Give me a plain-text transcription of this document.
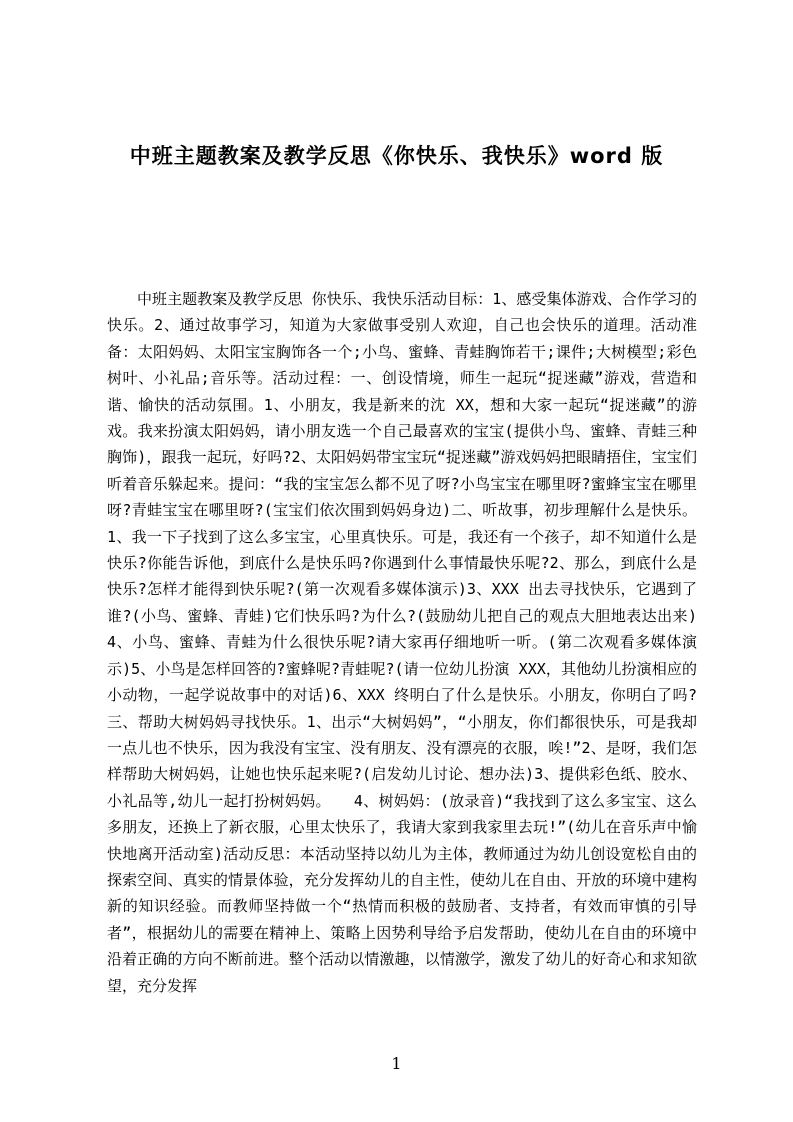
中班主题教案及教学反思《你快乐、我快乐》word 版
中班主题教案及教学反思 你快乐、我快乐活动目标：1、感受集体游戏、合作学习的快乐。2、通过故事学习，知道为大家做事受别人欢迎，自己也会快乐的道理。活动准备：太阳妈妈、太阳宝宝胸饰各一个;小鸟、蜜蜂、青蛙胸饰若干;课件;大树模型;彩色树叶、小礼品;音乐等。活动过程：一、创设情境，师生一起玩“捉迷藏”游戏，营造和谐、愉快的活动氛围。1、小朋友，我是新来的沈 XX，想和大家一起玩“捉迷藏”的游戏。我来扮演太阳妈妈，请小朋友选一个自己最喜欢的宝宝(提供小鸟、蜜蜂、青蛙三种胸饰)，跟我一起玩，好吗?2、太阳妈妈带宝宝玩“捉迷藏”游戏妈妈把眼睛捂住，宝宝们听着音乐躲起来。提问：“我的宝宝怎么都不见了呀?小鸟宝宝在哪里呀?蜜蜂宝宝在哪里呀?青蛙宝宝在哪里呀?(宝宝们依次围到妈妈身边)二、听故事，初步理解什么是快乐。1、我一下子找到了这么多宝宝，心里真快乐。可是，我还有一个孩子，却不知道什么是快乐?你能告诉他，到底什么是快乐吗?你遇到什么事情最快乐呢?2、那么，到底什么是快乐?怎样才能得到快乐呢?(第一次观看多媒体演示)3、XXX 出去寻找快乐，它遇到了谁?(小鸟、蜜蜂、青蛙)它们快乐吗?为什么?(鼓励幼儿把自己的观点大胆地表达出来)4、小鸟、蜜蜂、青蛙为什么很快乐呢?请大家再仔细地听一听。(第二次观看多媒体演示)5、小鸟是怎样回答的?蜜蜂呢?青蛙呢?(请一位幼儿扮演 XXX，其他幼儿扮演相应的小动物，一起学说故事中的对话)6、XXX 终明白了什么是快乐。小朋友，你明白了吗?三、帮助大树妈妈寻找快乐。1、出示“大树妈妈”，“小朋友，你们都很快乐，可是我却一点儿也不快乐，因为我没有宝宝、没有朋友、没有漂亮的衣服，唉!”2、是呀，我们怎样帮助大树妈妈，让她也快乐起来呢?(启发幼儿讨论、想办法)3、提供彩色纸、胶水、小礼品等,幼儿一起打扮树妈妈。　　4、树妈妈：(放录音)“我找到了这么多宝宝、这么多朋友，还换上了新衣服，心里太快乐了，我请大家到我家里去玩!”(幼儿在音乐声中愉快地离开活动室)活动反思：本活动坚持以幼儿为主体，教师通过为幼儿创设宽松自由的探索空间、真实的情景体验，充分发挥幼儿的自主性，使幼儿在自由、开放的环境中建构新的知识经验。而教师坚持做一个“热情而积极的鼓励者、支持者，有效而审慎的引导者”，根据幼儿的需要在精神上、策略上因势利导给予启发帮助，使幼儿在自由的环境中沿着正确的方向不断前进。整个活动以情激趣，以情激学，激发了幼儿的好奇心和求知欲望，充分发挥
1
